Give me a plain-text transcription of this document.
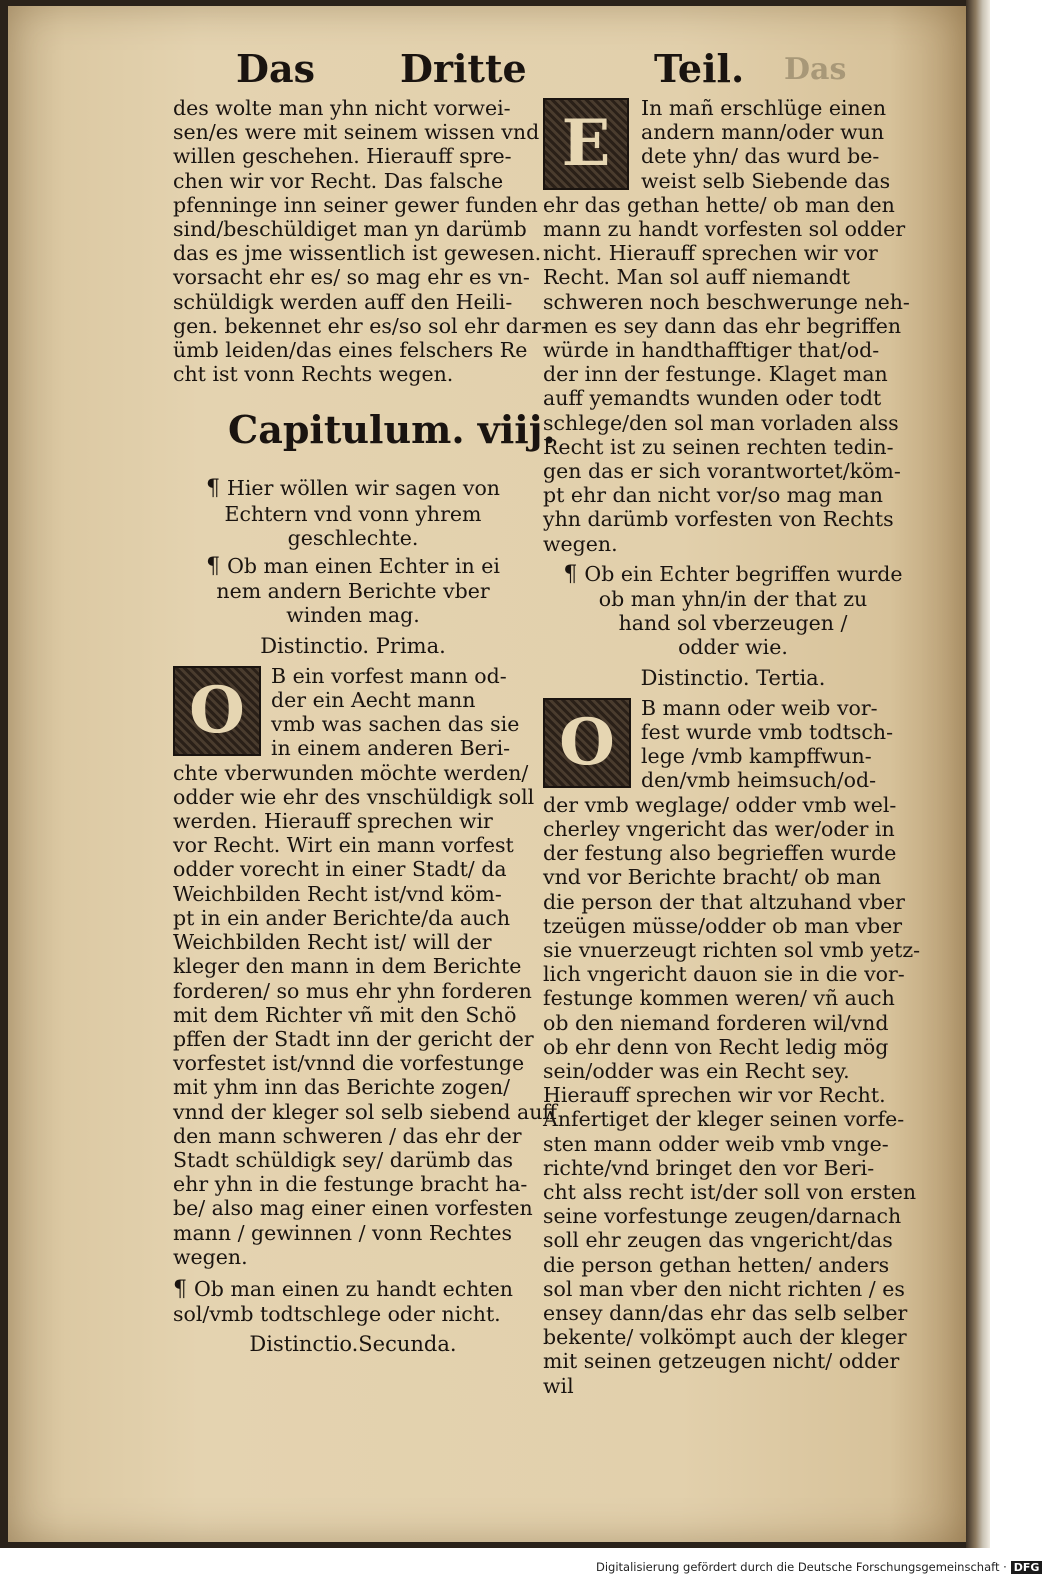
Das Dritte	Teil. Das

des wolte man yhn nicht vorwei-

sen/es were mit seinem wissen vnd

willen geschehen. Hierauff spre-

chen wir vor Recht. Das falsche

pfenninge inn seiner gewer funden

sind/beschüldiget man yn darümb

das es jme wissentlich ist gewesen.

vorsacht ehr es/ so mag ehr es vn-

schüldigk werden auff den Heili-

gen. bekennet ehr es/so sol ehr dar-

ümb leiden/das eines felschers Re

cht ist vonn Rechts wegen.

Capitulum. viij.

¶ Hier wöllen wir sagen von

Echtern vnd vonn yhrem

geschlechte.

¶ Ob man einen Echter in ei

nem andern Berichte vber

winden mag.

Distinctio. Prima.

O	B ein vorfest mann od-

der ein Aecht mann

vmb was sachen das sie

in einem anderen Beri-

chte vberwunden möchte werden/

odder wie ehr des vnschüldigk soll

werden. Hierauff sprechen wir

vor Recht. Wirt ein mann vorfest

odder vorecht in einer Stadt/ da

Weichbilden Recht ist/vnd köm-

pt in ein ander Berichte/da auch

Weichbilden Recht ist/ will der

kleger den mann in dem Berichte

forderen/ so mus ehr yhn forderen

mit dem Richter vñ mit den Schö

pffen der Stadt inn der gericht der

vorfestet ist/vnnd die vorfestunge

mit yhm inn das Berichte zogen/

vnnd der kleger sol selb siebend auff

den mann schweren / das ehr der

Stadt schüldigk sey/ darümb das

ehr yhn in die festunge bracht ha-

be/ also mag einer einen vorfesten

mann / gewinnen / vonn Rechtes

wegen.

¶ Ob man einen zu handt echten

sol/vmb todtschlege oder nicht.

Distinctio.Secunda.

E	In mañ erschlüge einen

andern mann/oder wun

dete yhn/ das wurd be-

weist selb Siebende das

ehr das gethan hette/ ob man den

mann zu handt vorfesten sol odder

nicht. Hierauff sprechen wir vor

Recht. Man sol auff niemandt

schweren noch beschwerunge neh-

men es sey dann das ehr begriffen

würde in handthafftiger that/od-

der inn der festunge. Klaget man

auff yemandts wunden oder todt

schlege/den sol man vorladen alss

Recht ist zu seinen rechten tedin-

gen das er sich vorantwortet/köm-

pt ehr dan nicht vor/so mag man

yhn darümb vorfesten von Rechts

wegen.

¶ Ob ein Echter begriffen wurde

ob man yhn/in der that zu

hand sol vberzeugen /

odder wie.

Distinctio. Tertia.

O	B mann oder weib vor-

fest wurde vmb todtsch-

lege /vmb kampffwun-

den/vmb heimsuch/od-

der vmb weglage/ odder vmb wel-

cherley vngericht das wer/oder in

der festung also begrieffen wurde

vnd vor Berichte bracht/ ob man

die person der that altzuhand vber

tzeügen müsse/odder ob man vber

sie vnuerzeugt richten sol vmb yetz-

lich vngericht dauon sie in die vor-

festunge kommen weren/ vñ auch

ob den niemand forderen wil/vnd

ob ehr denn von Recht ledig mög

sein/odder was ein Recht sey.

Hierauff sprechen wir vor Recht.

Anfertiget der kleger seinen vorfe-

sten mann odder weib vmb vnge-

richte/vnd bringet den vor Beri-

cht alss recht ist/der soll von ersten

seine vorfestunge zeugen/darnach

soll ehr zeugen das vngericht/das

die person gethan hetten/ anders

sol man vber den nicht richten / es

ensey dann/das ehr das selb selber

bekente/ volkömpt auch der kleger

mit seinen getzeugen nicht/ odder

wil

Digitalisierung gefördert durch die Deutsche Forschungsgemeinschaft · DFG
